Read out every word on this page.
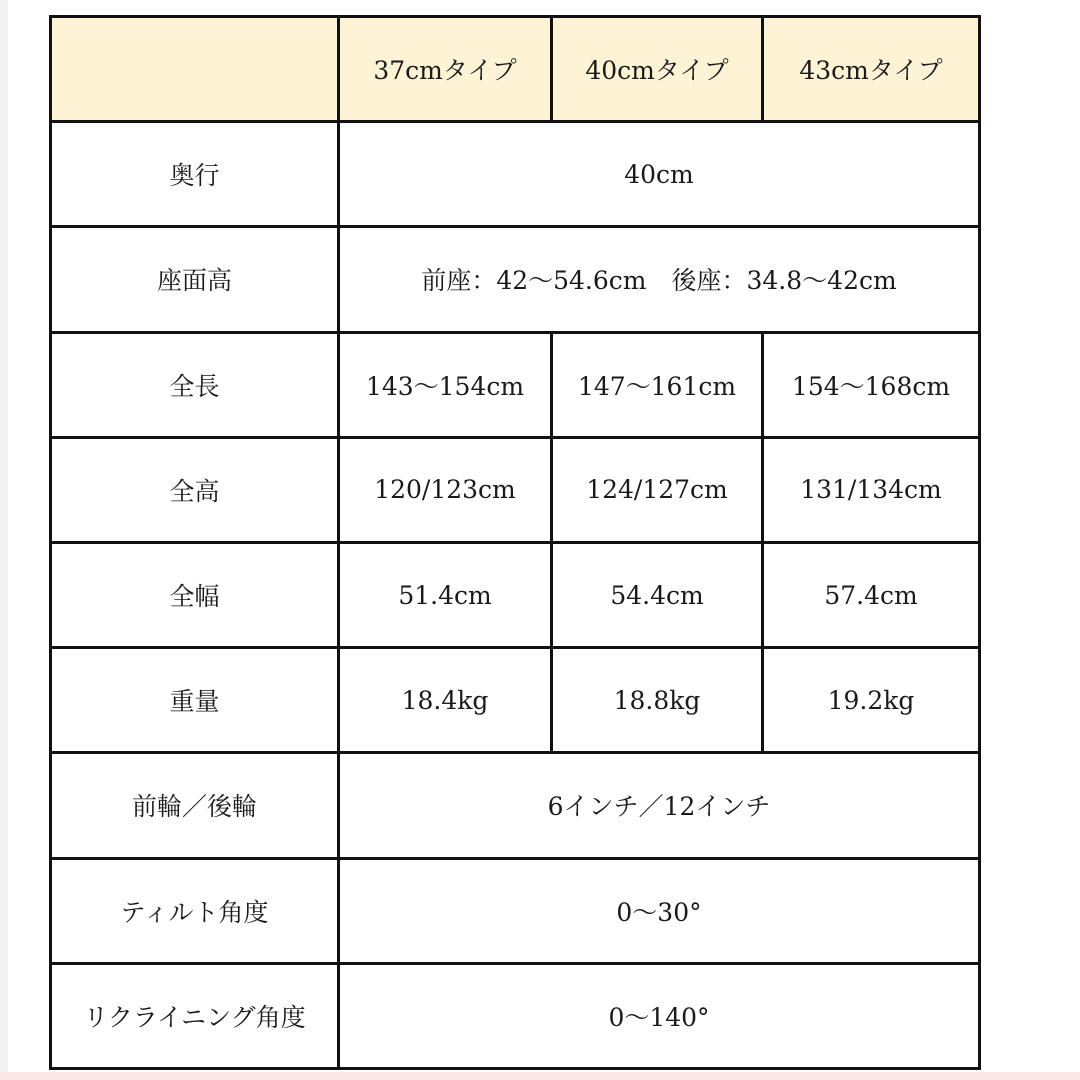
	37cmタイプ	40cmタイプ	43cmタイプ
奥行	40cm		
座面高	前座：42〜54.6cm　後座：34.8〜42cm		
全長	143〜154cm	147〜161cm	154〜168cm
全高	120/123cm	124/127cm	131/134cm
全幅	51.4cm	54.4cm	57.4cm
重量	18.4kg	18.8kg	19.2kg
前輪／後輪	6インチ／12インチ		
ティルト角度	0〜30°		
リクライニング角度	0〜140°		
